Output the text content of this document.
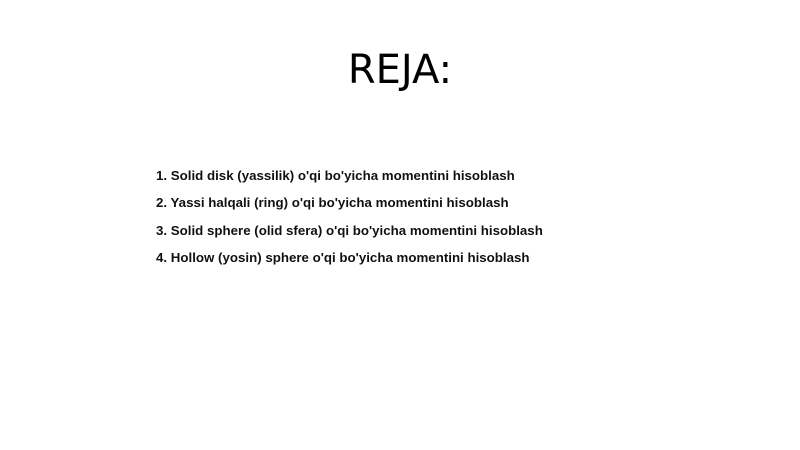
REJA:
1. Solid disk (yassilik) o'qi bo'yicha momentini hisoblash
2. Yassi halqali (ring) o'qi bo'yicha momentini hisoblash
3. Solid sphere (olid sfera) o'qi bo'yicha momentini hisoblash
4. Hollow (yosin) sphere o'qi bo'yicha momentini hisoblash
